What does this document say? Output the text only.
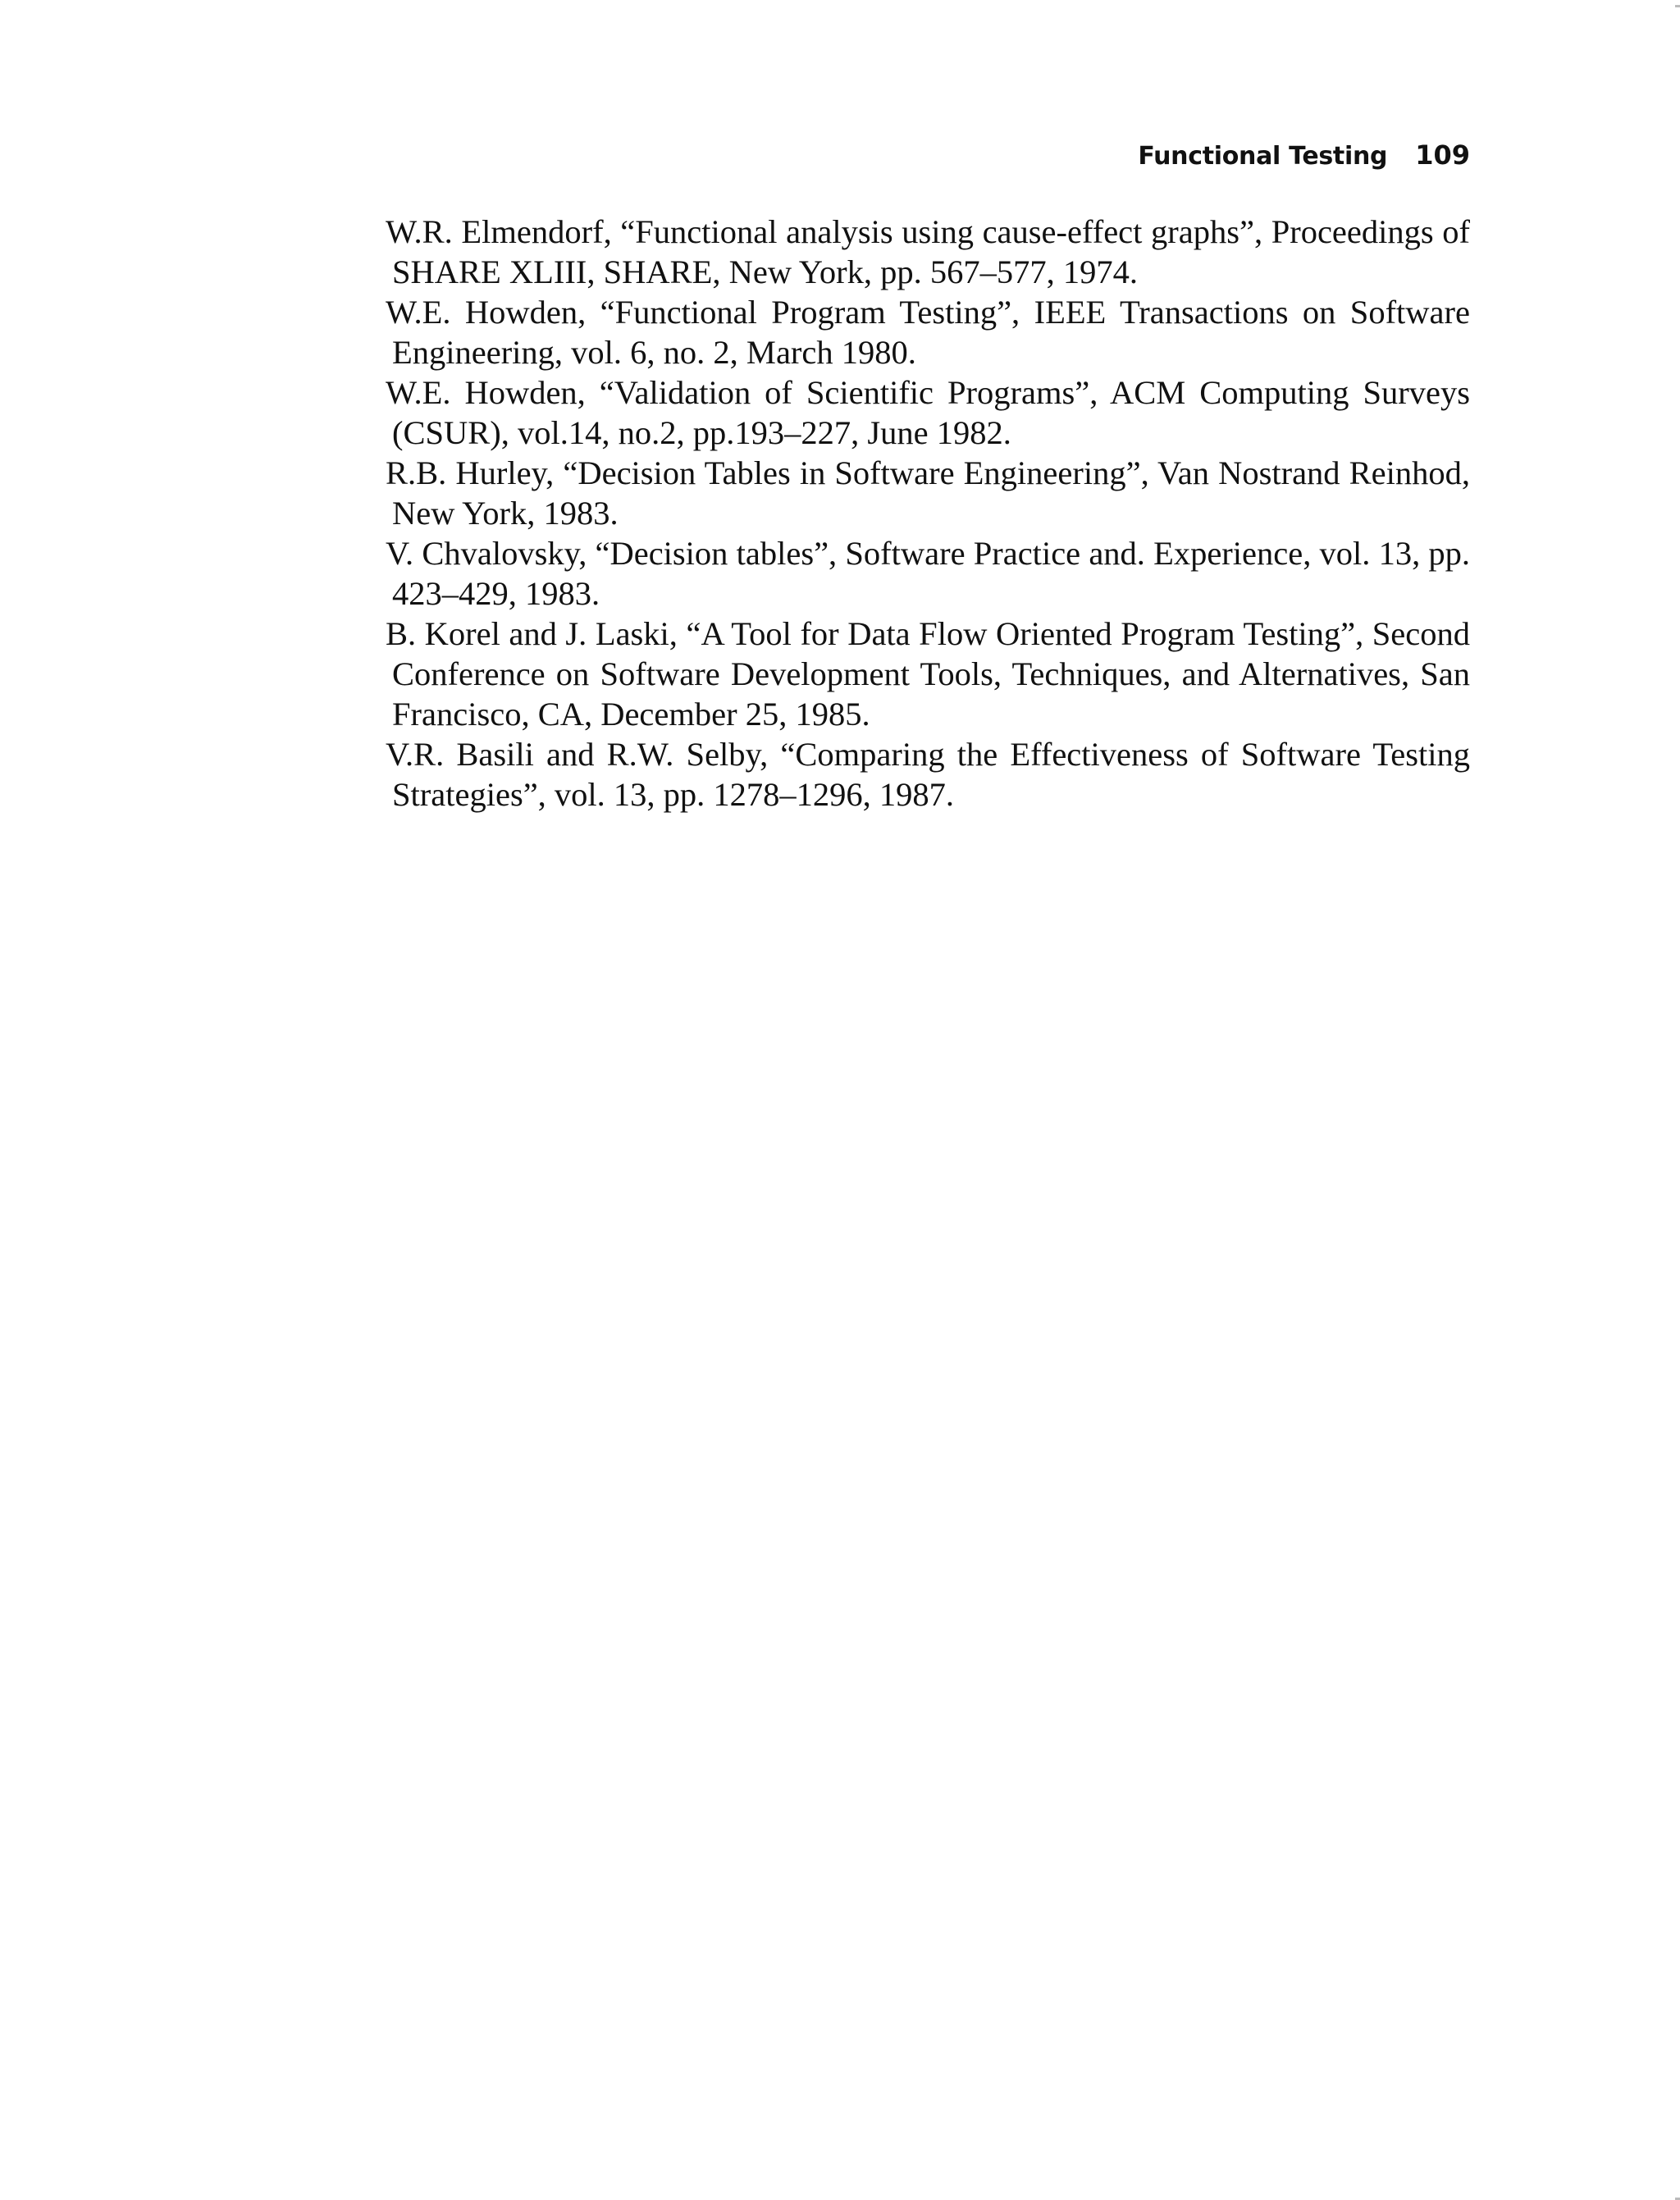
Functional Testing 109
W.R. Elmendorf, “Functional analysis using cause-effect graphs”, Proceedings of SHARE XLIII, SHARE, New York, pp. 567–577, 1974.
W.E. Howden, “Functional Program Testing”, IEEE Transactions on Software Engineering, vol. 6, no. 2, March 1980.
W.E. Howden, “Validation of Scientific Programs”, ACM Computing Surveys (CSUR), vol.14, no.2, pp.193–227, June 1982.
R.B. Hurley, “Decision Tables in Software Engineering”, Van Nostrand Reinhod, New York, 1983.
V. Chvalovsky, “Decision tables”, Software Practice and. Experience, vol. 13, pp. 423–429, 1983.
B. Korel and J. Laski, “A Tool for Data Flow Oriented Program Testing”, Second Conference on Software Development Tools, Techniques, and Alternatives, San Francisco, CA, December 25, 1985.
V.R. Basili and R.W. Selby, “Comparing the Effectiveness of Software Testing Strategies”, vol. 13, pp. 1278–1296, 1987.
